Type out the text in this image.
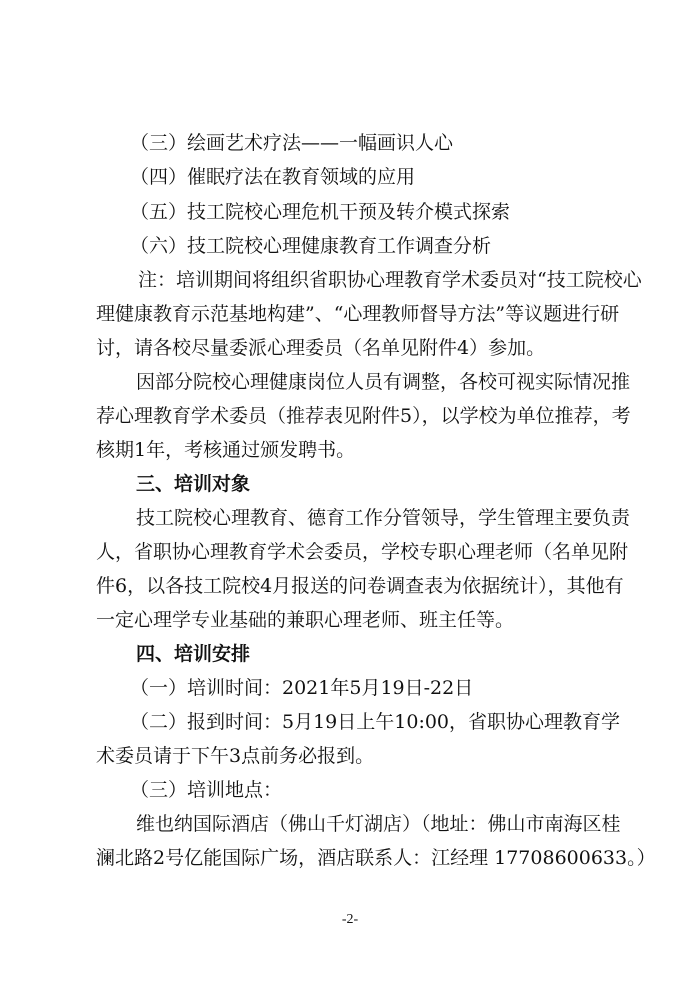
（三）绘画艺术疗法——一幅画识人心
（四）催眠疗法在教育领域的应用
（五）技工院校心理危机干预及转介模式探索
（六）技工院校心理健康教育工作调查分析
注：培训期间将组织省职协心理教育学术委员对“技工院校心
理健康教育示范基地构建”、“心理教师督导方法”等议题进行研
讨，请各校尽量委派心理委员（名单见附件4）参加。
因部分院校心理健康岗位人员有调整，各校可视实际情况推
荐心理教育学术委员（推荐表见附件5），以学校为单位推荐，考
核期1年，考核通过颁发聘书。
三、培训对象
技工院校心理教育、德育工作分管领导，学生管理主要负责
人，省职协心理教育学术会委员，学校专职心理老师（名单见附
件6，以各技工院校4月报送的问卷调查表为依据统计），其他有
一定心理学专业基础的兼职心理老师、班主任等。
四、培训安排
（一）培训时间：2021年5月19日-22日
（二）报到时间：5月19日上午10:00，省职协心理教育学
术委员请于下午3点前务必报到。
（三）培训地点：
维也纳国际酒店（佛山千灯湖店）（地址：佛山市南海区桂
澜北路2号亿能国际广场，酒店联系人：江经理 17708600633。）
-2-
